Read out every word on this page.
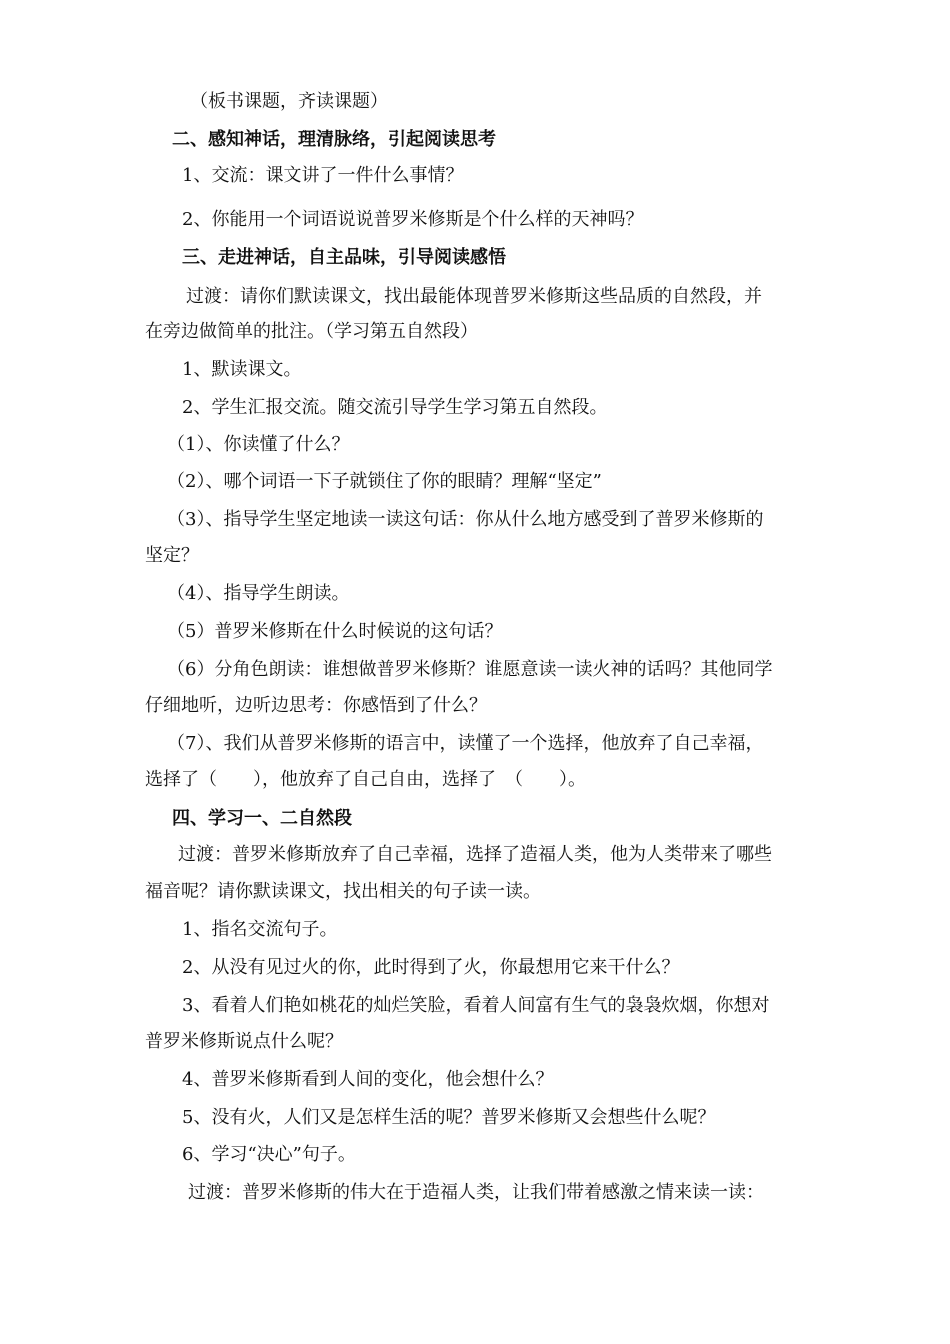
（板书课题，齐读课题）
二、感知神话，理清脉络，引起阅读思考
1、交流：课文讲了一件什么事情？
2、你能用一个词语说说普罗米修斯是个什么样的天神吗？
三、走进神话，自主品味，引导阅读感悟
过渡：请你们默读课文，找出最能体现普罗米修斯这些品质的自然段，并
在旁边做简单的批注。（学习第五自然段）
1、默读课文。
2、学生汇报交流。随交流引导学生学习第五自然段。
（1）、你读懂了什么？
（2）、哪个词语一下子就锁住了你的眼睛？理解“坚定”
（3）、指导学生坚定地读一读这句话：你从什么地方感受到了普罗米修斯的
坚定？
（4）、指导学生朗读。
（5）普罗米修斯在什么时候说的这句话？
（6）分角色朗读：谁想做普罗米修斯？谁愿意读一读火神的话吗？其他同学
仔细地听，边听边思考：你感悟到了什么？
（7）、我们从普罗米修斯的语言中，读懂了一个选择，他放弃了自己幸福，
选择了（　　），他放弃了自己自由，选择了　（　　）。
四、学习一、二自然段
过渡：普罗米修斯放弃了自己幸福，选择了造福人类，他为人类带来了哪些
福音呢？请你默读课文，找出相关的句子读一读。
1、指名交流句子。
2、从没有见过火的你，此时得到了火，你最想用它来干什么？
3、看着人们艳如桃花的灿烂笑脸，看着人间富有生气的袅袅炊烟，你想对
普罗米修斯说点什么呢？
4、普罗米修斯看到人间的变化，他会想什么？
5、没有火，人们又是怎样生活的呢？普罗米修斯又会想些什么呢？
6、学习“决心”句子。
过渡：普罗米修斯的伟大在于造福人类，让我们带着感激之情来读一读：
